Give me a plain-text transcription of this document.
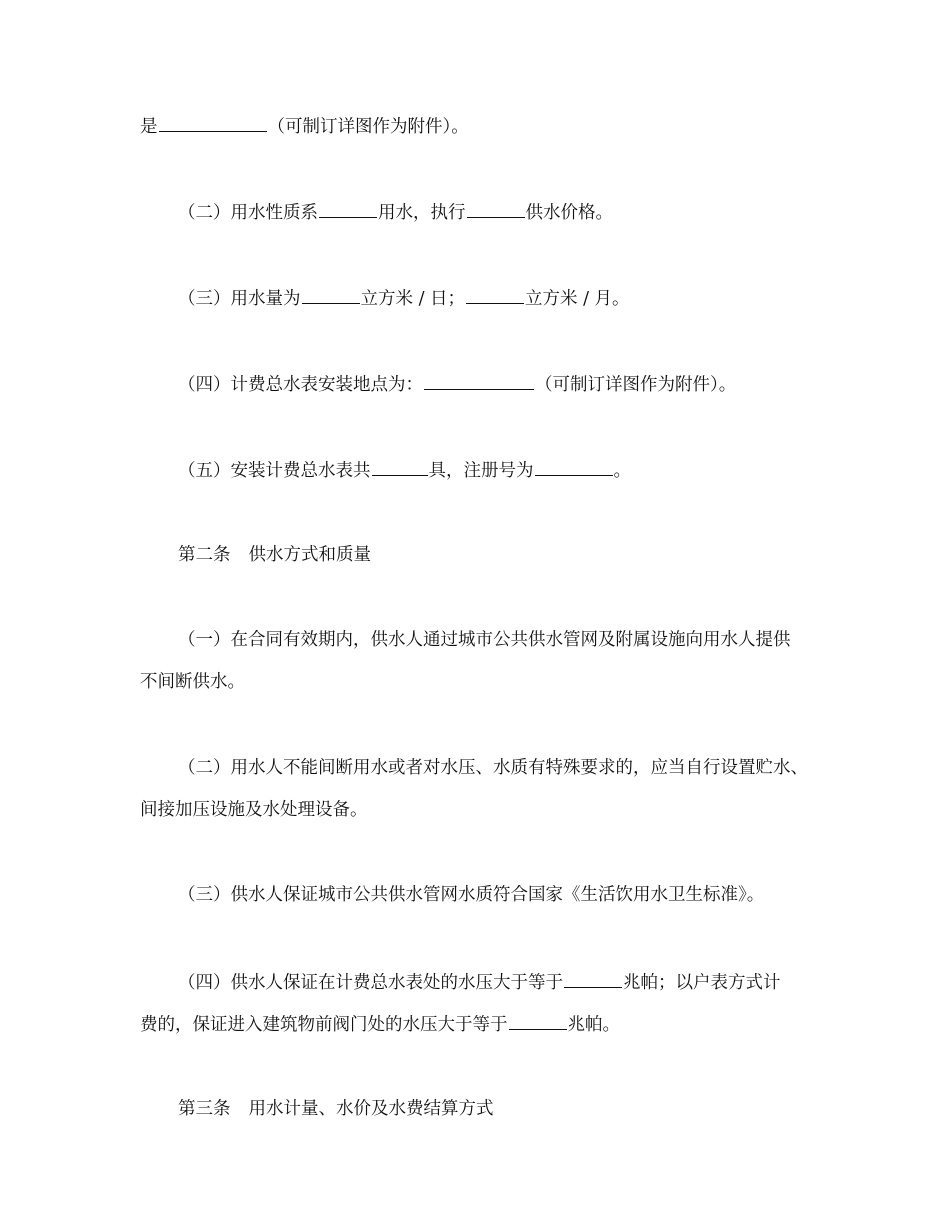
是	（可制订详图作为附件）。
（二）用水性质系	用水，执行	供水价格。
（三）用水量为	立方米 / 日；	立方米 / 月。
（四）计费总水表安装地点为：	（可制订详图作为附件）。
（五）安装计费总水表共	具，注册号为	。
第二条 供水方式和质量
（一）在合同有效期内，供水人通过城市公共供水管网及附属设施向用水人提供
不间断供水。
（二）用水人不能间断用水或者对水压、水质有特殊要求的，应当自行设置贮水、
间接加压设施及水处理设备。
（三）供水人保证城市公共供水管网水质符合国家《生活饮用水卫生标准》。
（四）供水人保证在计费总水表处的水压大于等于	兆帕；以户表方式计
费的，保证进入建筑物前阀门处的水压大于等于	兆帕。
第三条 用水计量、水价及水费结算方式
